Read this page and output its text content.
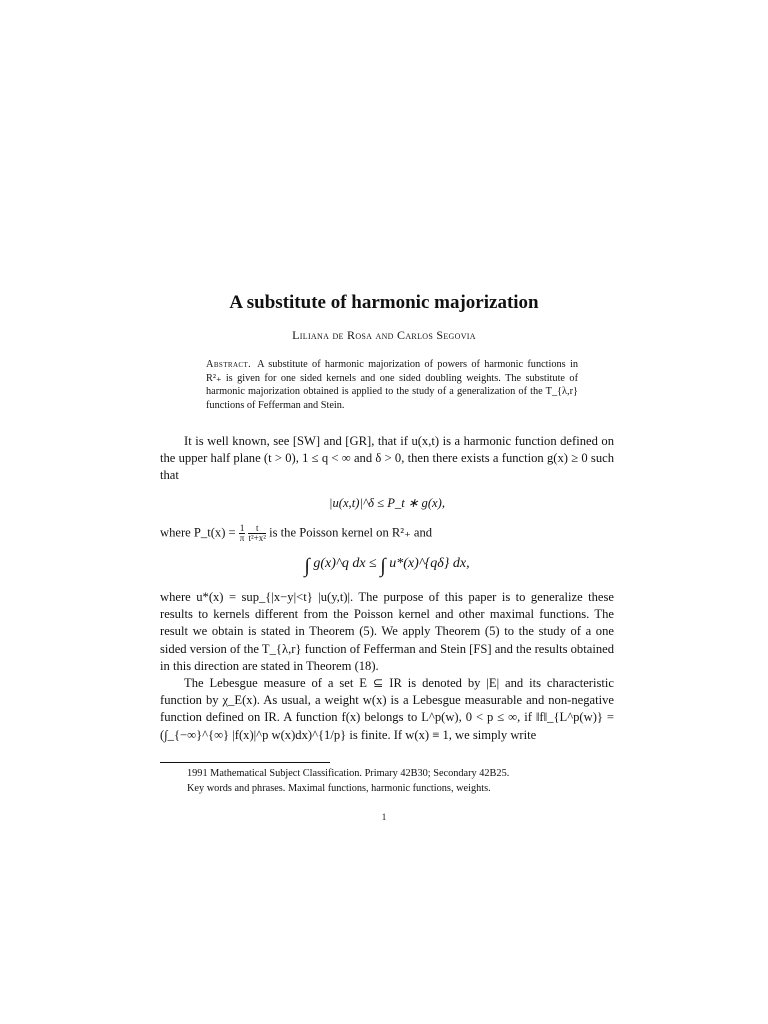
A substitute of harmonic majorization
Liliana de Rosa and Carlos Segovia
Abstract. A substitute of harmonic majorization of powers of harmonic functions in R²₊ is given for one sided kernels and one sided doubling weights. The substitute of harmonic majorization obtained is applied to the study of a generalization of the T_{λ,r} functions of Fefferman and Stein.

It is well known, see [SW] and [GR], that if u(x,t) is a harmonic function defined on the upper half plane (t > 0), 1 ≤ q < ∞ and δ > 0, then there exists a function g(x) ≥ 0 such that

|u(x,t)|^δ ≤ P_t ∗ g(x),

where P_t(x) = $\frac{1}{\pi}$
$\frac{t}{\text{t²+x²}}$ is the Poisson kernel on R²₊ and

∫ g(x)^q dx ≤ ∫ u*(x)^{qδ} dx,

where u*(x) = sup_{|x−y|<t} |u(y,t)|. The purpose of this paper is to generalize these results to kernels different from the Poisson kernel and other maximal functions. The result we obtain is stated in Theorem (5). We apply Theorem (5) to the study of a one sided version of the T_{λ,r} function of Fefferman and Stein [FS] and the results obtained in this direction are stated in Theorem (18).

The Lebesgue measure of a set E ⊆ IR is denoted by |E| and its characteristic function by χ_E(x). As usual, a weight w(x) is a Lebesgue measurable and non-negative function defined on IR. A function f(x) belongs to L^p(w), 0 < p ≤ ∞, if ‖f‖_{L^p(w)} = (∫_{−∞}^{∞} |f(x)|^p w(x)dx)^{1/p} is finite. If w(x) ≡ 1, we simply write

1991 Mathematical Subject Classification. Primary 42B30; Secondary 42B25.
Key words and phrases. Maximal functions, harmonic functions, weights.
1
